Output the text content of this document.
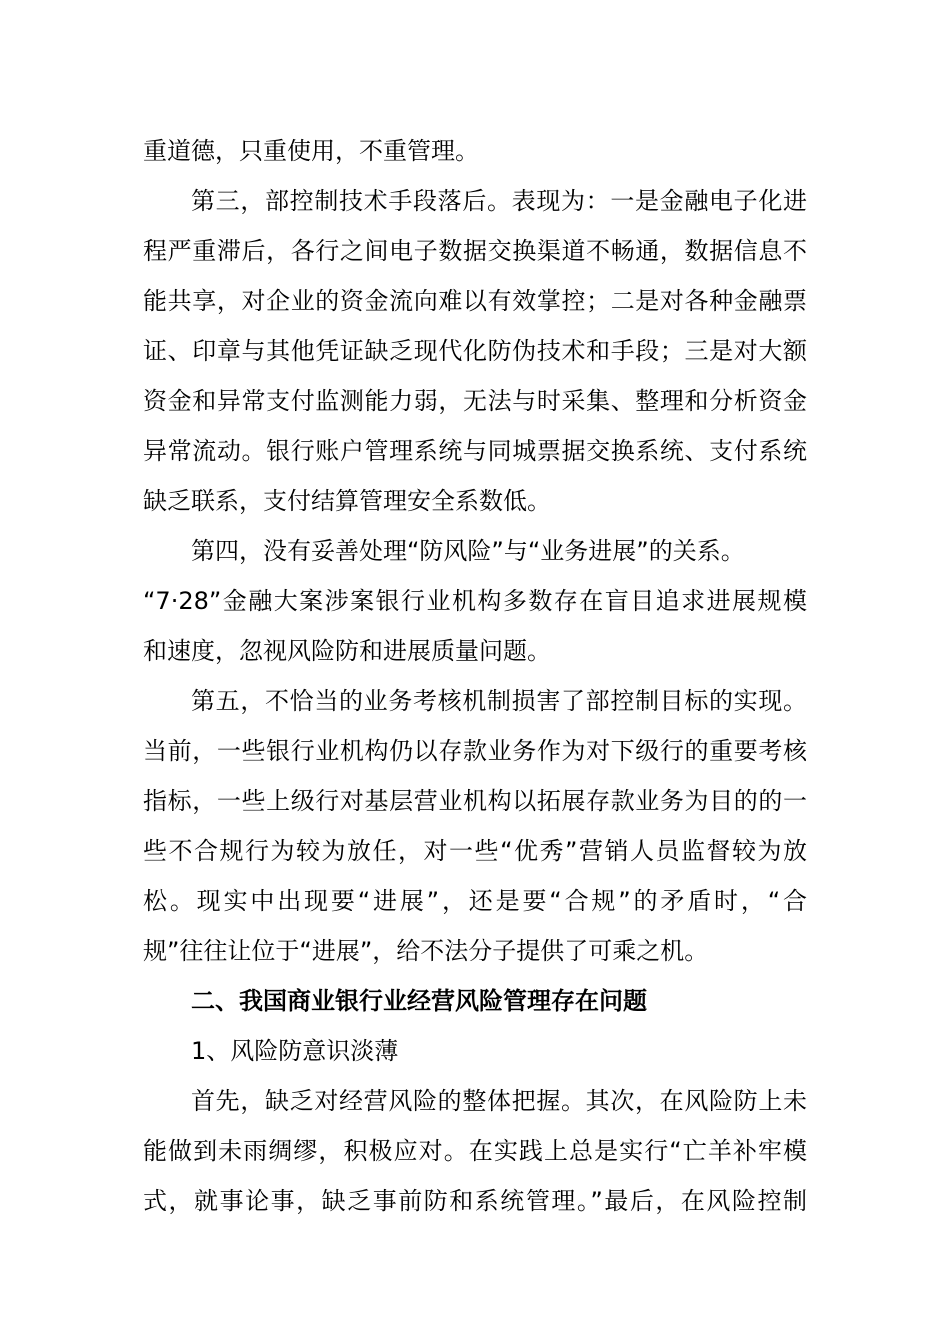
重道德，只重使用，不重管理。
第三，部控制技术手段落后。表现为：一是金融电子化进
程严重滞后，各行之间电子数据交换渠道不畅通，数据信息不
能共享，对企业的资金流向难以有效掌控；二是对各种金融票
证、印章与其他凭证缺乏现代化防伪技术和手段；三是对大额
资金和异常支付监测能力弱，无法与时采集、整理和分析资金
异常流动。银行账户管理系统与同城票据交换系统、支付系统
缺乏联系，支付结算管理安全系数低。
第四，没有妥善处理“防风险”与“业务进展”的关系。
“7·28”金融大案涉案银行业机构多数存在盲目追求进展规模
和速度，忽视风险防和进展质量问题。
第五，不恰当的业务考核机制损害了部控制目标的实现。
当前，一些银行业机构仍以存款业务作为对下级行的重要考核
指标，一些上级行对基层营业机构以拓展存款业务为目的的一
些不合规行为较为放任，对一些“优秀”营销人员监督较为放
松。现实中出现要“进展”，还是要“合规”的矛盾时，“合
规”往往让位于“进展”，给不法分子提供了可乘之机。
二、我国商业银行业经营风险管理存在问题
1、风险防意识淡薄
首先，缺乏对经营风险的整体把握。其次，在风险防上未
能做到未雨绸缪，积极应对。在实践上总是实行“亡羊补牢模
式，就事论事，缺乏事前防和系统管理。”最后，在风险控制
